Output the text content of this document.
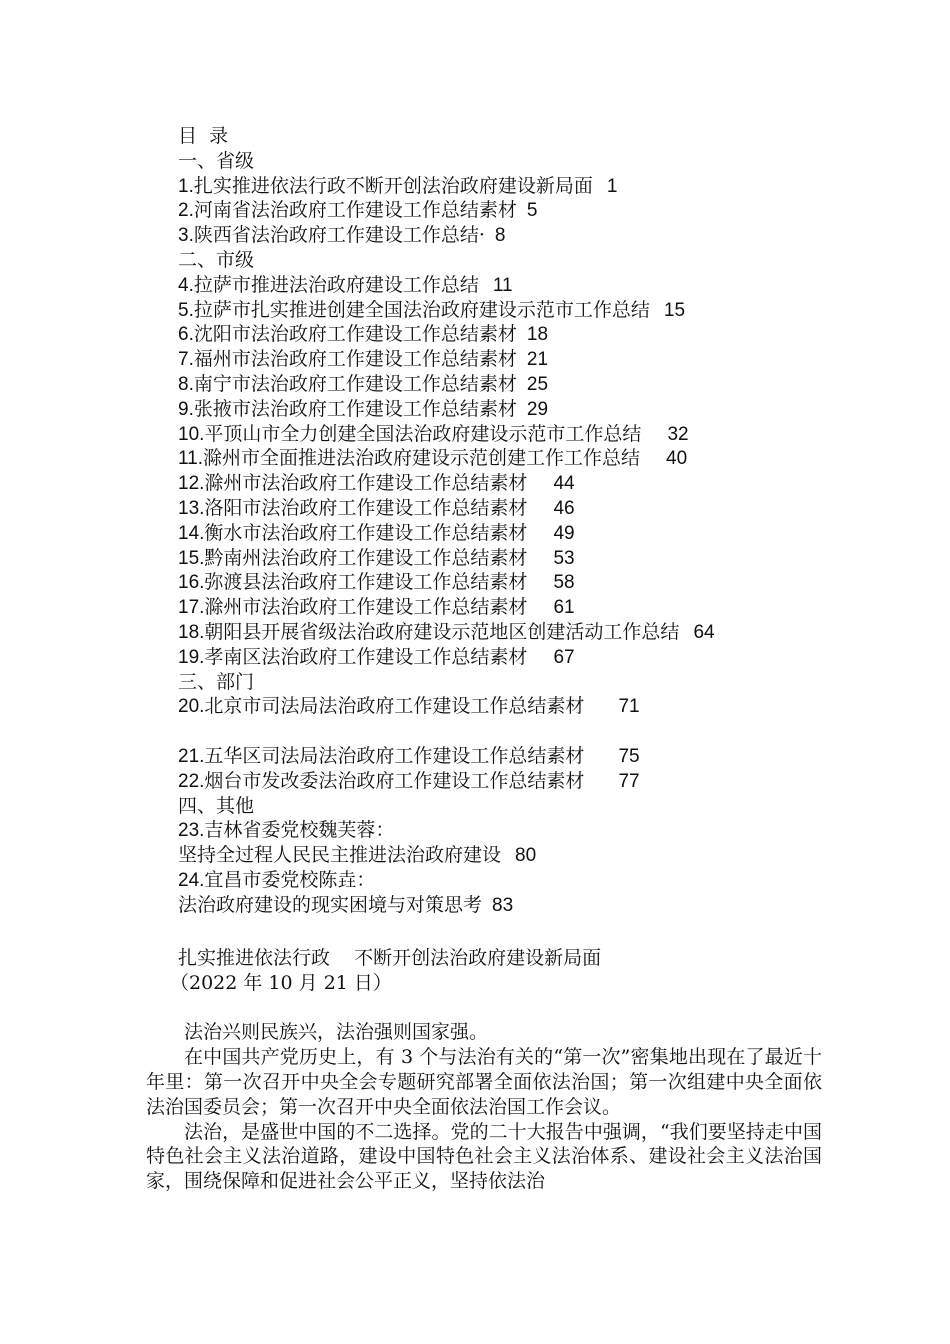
目  录
一、省级
1.扎实推进依法行政不断开创法治政府建设新局面 1
2.河南省法治政府工作建设工作总结素材 5
3.陕西省法治政府工作建设工作总结· 8
二、市级
4.拉萨市推进法治政府建设工作总结 11
5.拉萨市扎实推进创建全国法治政府建设示范市工作总结 15
6.沈阳市法治政府工作建设工作总结素材 18
7.福州市法治政府工作建设工作总结素材 21
8.南宁市法治政府工作建设工作总结素材 25
9.张掖市法治政府工作建设工作总结素材 29
10.平顶山市全力创建全国法治政府建设示范市工作总结 32
11.滁州市全面推进法治政府建设示范创建工作工作总结 40
12.滁州市法治政府工作建设工作总结素材 44
13.洛阳市法治政府工作建设工作总结素材 46
14.衡水市法治政府工作建设工作总结素材 49
15.黔南州法治政府工作建设工作总结素材 53
16.弥渡县法治政府工作建设工作总结素材 58
17.滁州市法治政府工作建设工作总结素材 61
18.朝阳县开展省级法治政府建设示范地区创建活动工作总结 64
19.孝南区法治政府工作建设工作总结素材 67
三、部门
20.北京市司法局法治政府工作建设工作总结素材 71
21.五华区司法局法治政府工作建设工作总结素材 75
22.烟台市发改委法治政府工作建设工作总结素材 77
四、其他
23.吉林省委党校魏芙蓉：
坚持全过程人民民主推进法治政府建设 80
24.宜昌市委党校陈垚：
法治政府建设的现实困境与对策思考 83
扎实推进依法行政    不断开创法治政府建设新局面
（2022 年 10 月 21 日）

法治兴则民族兴，法治强则国家强。

在中国共产党历史上，有 3 个与法治有关的“第一次”密集地出现在了最近十年里：第一次召开中央全会专题研究部署全面依法治国；第一次组建中央全面依法治国委员会；第一次召开中央全面依法治国工作会议。

法治，是盛世中国的不二选择。党的二十大报告中强调，“我们要坚持走中国特色社会主义法治道路，建设中国特色社会主义法治体系、建设社会主义法治国家，围绕保障和促进社会公平正义，坚持依法治
